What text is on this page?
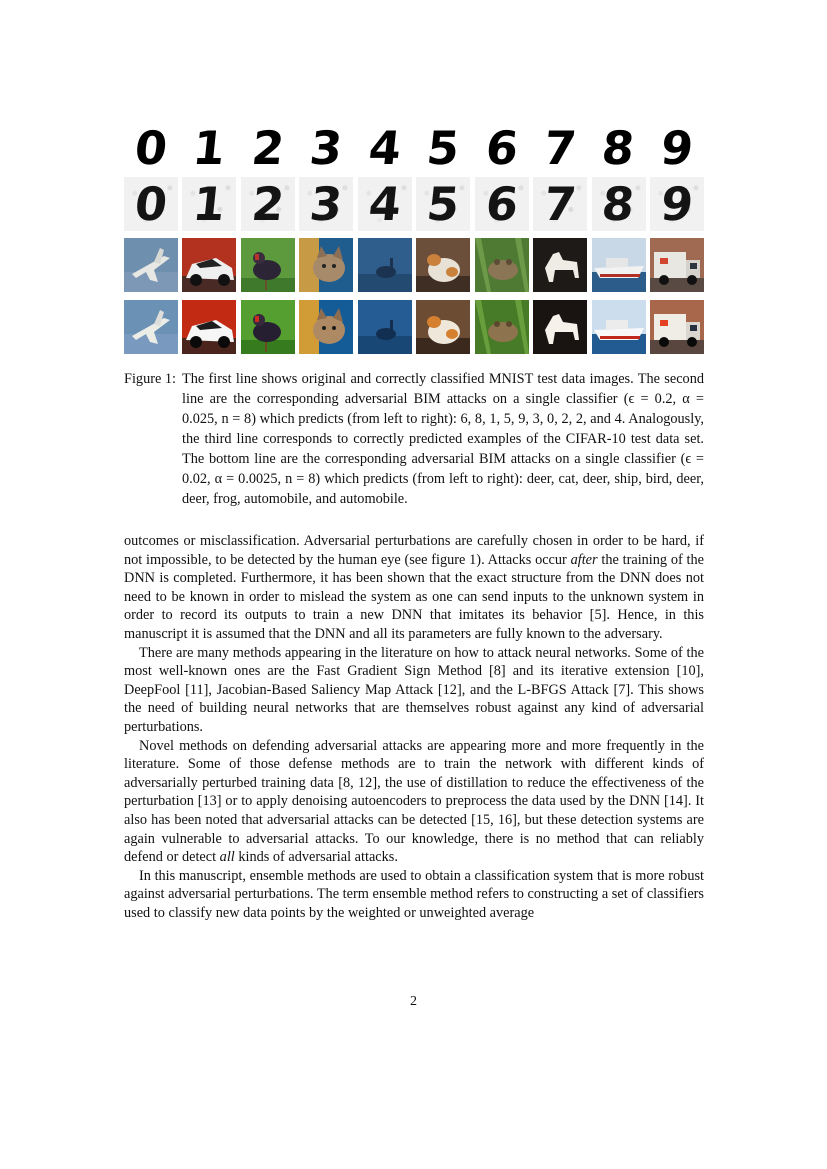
0 1 2 3 4 5 6 7 8 9
0 1 2 3 4 5 6 7 8 9
Figure 1: The first line shows original and correctly classified MNIST test data images. The second line are the corresponding adversarial BIM attacks on a single classifier (ϵ = 0.2, α = 0.025, n = 8) which predicts (from left to right): 6, 8, 1, 5, 9, 3, 0, 2, 2, and 4. Analogously, the third line corresponds to correctly predicted examples of the CIFAR-10 test data set. The bottom line are the corresponding adversarial BIM attacks on a single classifier (ϵ = 0.02, α = 0.0025, n = 8) which predicts (from left to right): deer, cat, deer, ship, bird, deer, deer, frog, automobile, and automobile.

outcomes or misclassification. Adversarial perturbations are carefully chosen in order to be hard, if not impossible, to be detected by the human eye (see figure 1). Attacks occur after the training of the DNN is completed. Furthermore, it has been shown that the exact structure from the DNN does not need to be known in order to mislead the system as one can send inputs to the unknown system in order to record its outputs to train a new DNN that imitates its behavior [5]. Hence, in this manuscript it is assumed that the DNN and all its parameters are fully known to the adversary.

There are many methods appearing in the literature on how to attack neural networks. Some of the most well-known ones are the Fast Gradient Sign Method [8] and its iterative extension [10], DeepFool [11], Jacobian-Based Saliency Map Attack [12], and the L-BFGS Attack [7]. This shows the need of building neural networks that are themselves robust against any kind of adversarial perturbations.

Novel methods on defending adversarial attacks are appearing more and more frequently in the literature. Some of those defense methods are to train the network with different kinds of adversarially perturbed training data [8, 12], the use of distillation to reduce the effectiveness of the perturbation [13] or to apply denoising autoencoders to preprocess the data used by the DNN [14]. It also has been noted that adversarial attacks can be detected [15, 16], but these detection systems are again vulnerable to adversarial attacks. To our knowledge, there is no method that can reliably defend or detect all kinds of adversarial attacks.

In this manuscript, ensemble methods are used to obtain a classification system that is more robust against adversarial perturbations. The term ensemble method refers to constructing a set of classifiers used to classify new data points by the weighted or unweighted average

2
